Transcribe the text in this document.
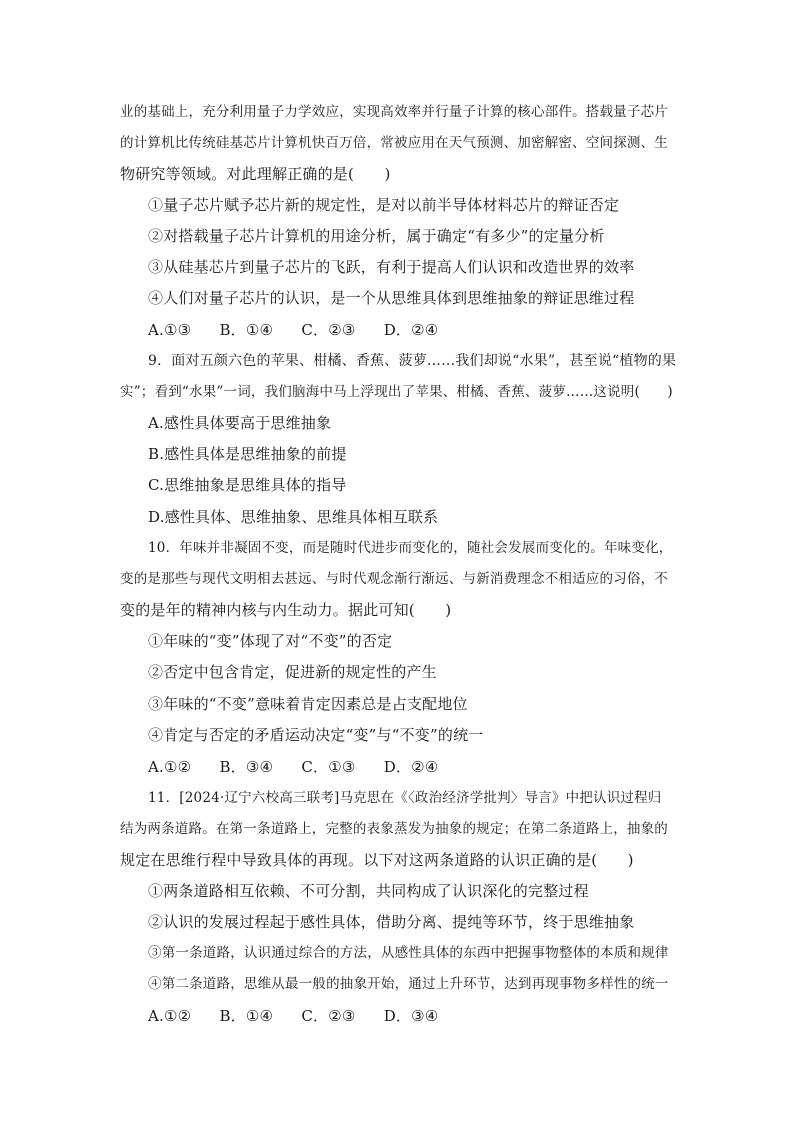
业的基础上，充分利用量子力学效应，实现高效率并行量子计算的核心部件。搭载量子芯片
的计算机比传统硅基芯片计算机快百万倍，常被应用在天气预测、加密解密、空间探测、生
物研究等领域。对此理解正确的是(　　)
①量子芯片赋予芯片新的规定性，是对以前半导体材料芯片的辩证否定
②对搭载量子芯片计算机的用途分析，属于确定“有多少”的定量分析
③从硅基芯片到量子芯片的飞跃，有利于提高人们认识和改造世界的效率
④人们对量子芯片的认识，是一个从思维具体到思维抽象的辩证思维过程
A.①③　 B．①④　 C．②③　 D．②④
9．面对五颜六色的苹果、柑橘、香蕉、菠萝……我们却说“水果”，甚至说“植物的果
实”；看到“水果”一词，我们脑海中马上浮现出了苹果、柑橘、香蕉、菠萝……这说明(　　)
A.感性具体要高于思维抽象
B.感性具体是思维抽象的前提
C.思维抽象是思维具体的指导
D.感性具体、思维抽象、思维具体相互联系
10．年味并非凝固不变，而是随时代进步而变化的，随社会发展而变化的。年味变化，
变的是那些与现代文明相去甚远、与时代观念渐行渐远、与新消费理念不相适应的习俗，不
变的是年的精神内核与内生动力。据此可知(　　)
①年味的“变”体现了对“不变”的否定
②否定中包含肯定，促进新的规定性的产生
③年味的“不变”意味着肯定因素总是占支配地位
④肯定与否定的矛盾运动决定“变”与“不变”的统一
A.①②　 B．③④　 C．①③　 D．②④
11．[2024·辽宁六校高三联考]马克思在《〈政治经济学批判〉导言》中把认识过程归
结为两条道路。在第一条道路上，完整的表象蒸发为抽象的规定；在第二条道路上，抽象的
规定在思维行程中导致具体的再现。以下对这两条道路的认识正确的是(　　)
①两条道路相互依赖、不可分割，共同构成了认识深化的完整过程
②认识的发展过程起于感性具体，借助分离、提纯等环节，终于思维抽象
③第一条道路，认识通过综合的方法，从感性具体的东西中把握事物整体的本质和规律
④第二条道路，思维从最一般的抽象开始，通过上升环节，达到再现事物多样性的统一
A.①②　 B．①④　 C．②③　 D．③④
